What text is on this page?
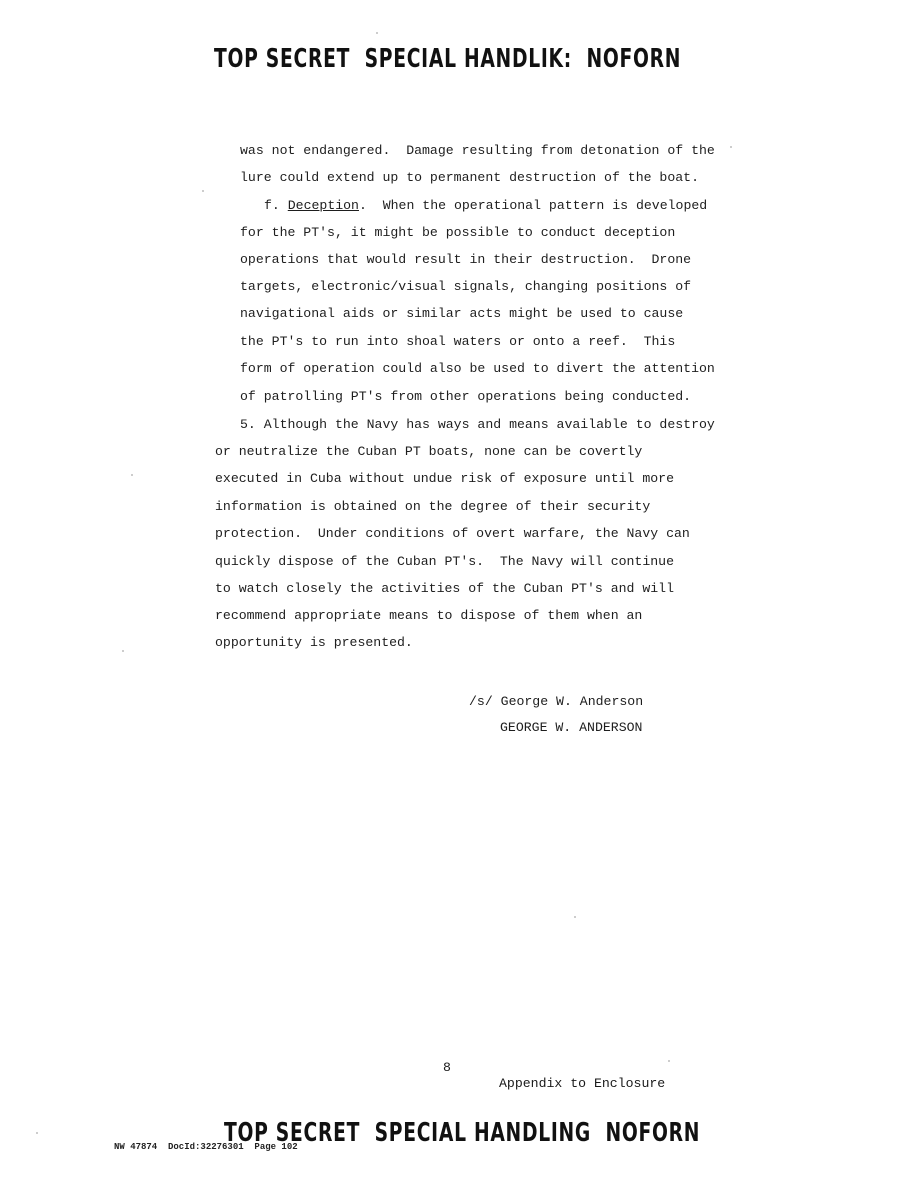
TOP SECRET  SPECIAL HANDLIK:  NOFORN
was not endangered.  Damage resulting from detonation of the
lure could extend up to permanent destruction of the boat.
f. Deception.  When the operational pattern is developed
for the PT's, it might be possible to conduct deception
operations that would result in their destruction.  Drone
targets, electronic/visual signals, changing positions of
navigational aids or similar acts might be used to cause
the PT's to run into shoal waters or onto a reef.  This
form of operation could also be used to divert the attention
of patrolling PT's from other operations being conducted.
5. Although the Navy has ways and means available to destroy
or neutralize the Cuban PT boats, none can be covertly
executed in Cuba without undue risk of exposure until more
information is obtained on the degree of their security
protection.  Under conditions of overt warfare, the Navy can
quickly dispose of the Cuban PT's.  The Navy will continue
to watch closely the activities of the Cuban PT's and will
recommend appropriate means to dispose of them when an
opportunity is presented.
/s/ George W. Anderson
GEORGE W. ANDERSON
8
Appendix to Enclosure
NW 47874  DocId:32276301  Page 102
TOP SECRET  SPECIAL HANDLING  NOFORN
